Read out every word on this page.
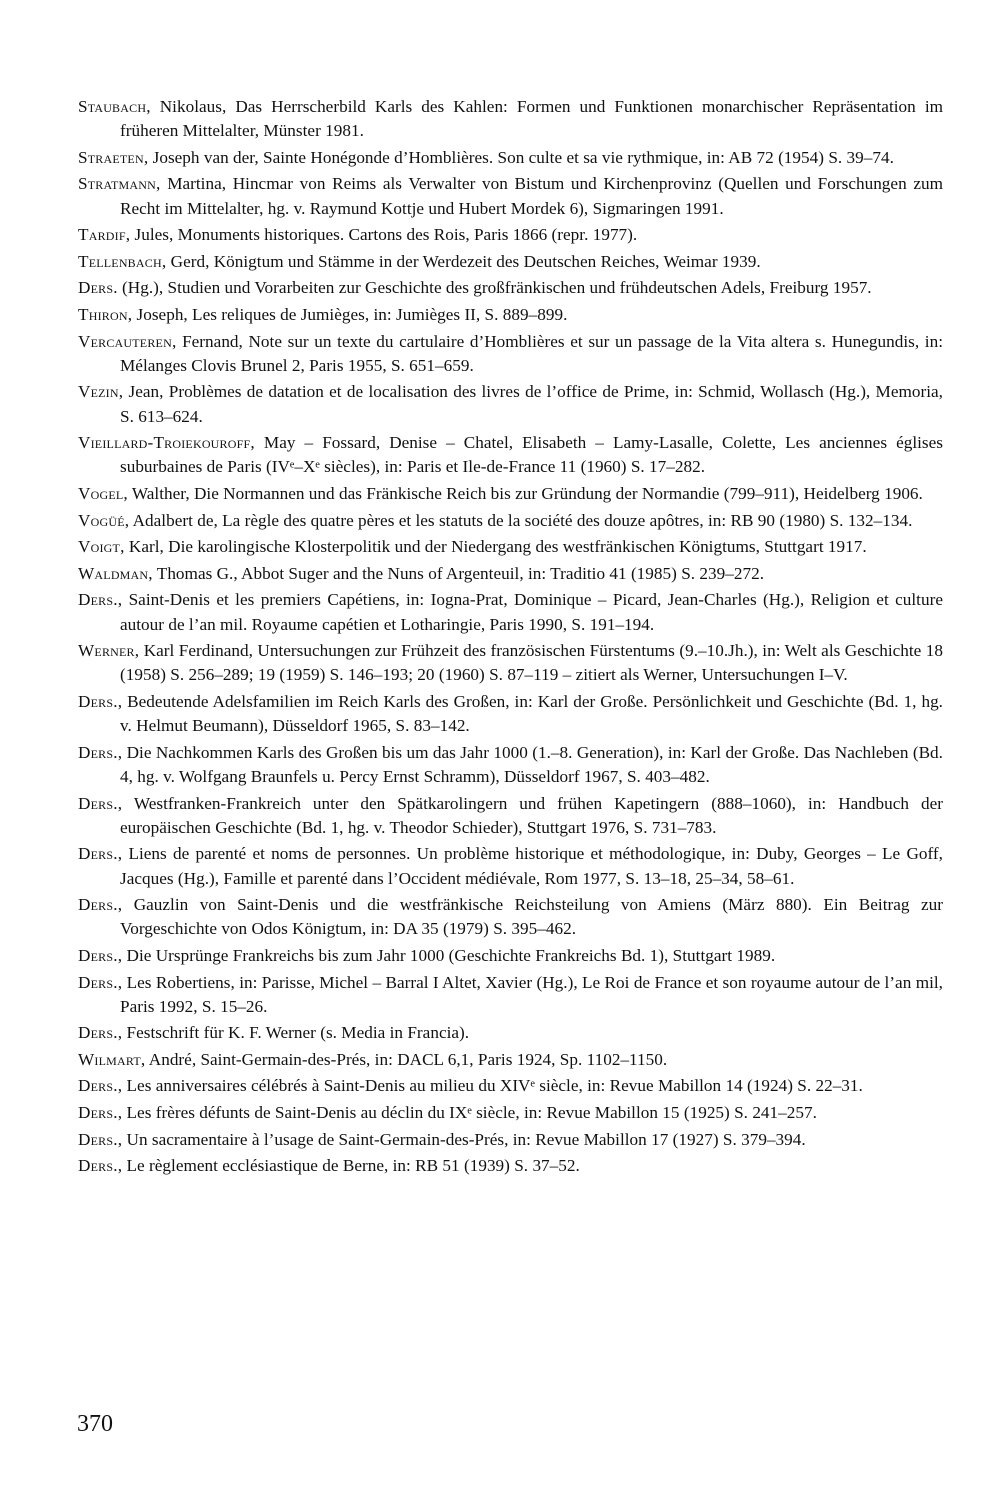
Staubach, Nikolaus, Das Herrscherbild Karls des Kahlen: Formen und Funktionen monarchischer Repräsentation im früheren Mittelalter, Münster 1981.
Straeten, Joseph van der, Sainte Honégonde d’Homblières. Son culte et sa vie rythmique, in: AB 72 (1954) S. 39–74.
Stratmann, Martina, Hincmar von Reims als Verwalter von Bistum und Kirchenprovinz (Quellen und Forschungen zum Recht im Mittelalter, hg. v. Raymund Kottje und Hubert Mordek 6), Sigmaringen 1991.
Tardif, Jules, Monuments historiques. Cartons des Rois, Paris 1866 (repr. 1977).
Tellenbach, Gerd, Königtum und Stämme in der Werdezeit des Deutschen Reiches, Weimar 1939.
Ders. (Hg.), Studien und Vorarbeiten zur Geschichte des großfränkischen und frühdeutschen Adels, Freiburg 1957.
Thiron, Joseph, Les reliques de Jumièges, in: Jumièges II, S. 889–899.
Vercauteren, Fernand, Note sur un texte du cartulaire d’Homblières et sur un passage de la Vita altera s. Hunegundis, in: Mélanges Clovis Brunel 2, Paris 1955, S. 651–659.
Vezin, Jean, Problèmes de datation et de localisation des livres de l’office de Prime, in: Schmid, Wollasch (Hg.), Memoria, S. 613–624.
Vieillard-Troiekouroff, May – Fossard, Denise – Chatel, Elisabeth – Lamy-Lasalle, Colette, Les anciennes églises suburbaines de Paris (IVᵉ–Xᵉ siècles), in: Paris et Ile-de-France 11 (1960) S. 17–282.
Vogel, Walther, Die Normannen und das Fränkische Reich bis zur Gründung der Normandie (799–911), Heidelberg 1906.
Vogüé, Adalbert de, La règle des quatre pères et les statuts de la société des douze apôtres, in: RB 90 (1980) S. 132–134.
Voigt, Karl, Die karolingische Klosterpolitik und der Niedergang des westfränkischen Königtums, Stuttgart 1917.
Waldman, Thomas G., Abbot Suger and the Nuns of Argenteuil, in: Traditio 41 (1985) S. 239–272.
Ders., Saint-Denis et les premiers Capétiens, in: Iogna-Prat, Dominique – Picard, Jean-Charles (Hg.), Religion et culture autour de l’an mil. Royaume capétien et Lotharingie, Paris 1990, S. 191–194.
Werner, Karl Ferdinand, Untersuchungen zur Frühzeit des französischen Fürstentums (9.–10.Jh.), in: Welt als Geschichte 18 (1958) S. 256–289; 19 (1959) S. 146–193; 20 (1960) S. 87–119 – zitiert als Werner, Untersuchungen I–V.
Ders., Bedeutende Adelsfamilien im Reich Karls des Großen, in: Karl der Große. Persönlichkeit und Geschichte (Bd. 1, hg. v. Helmut Beumann), Düsseldorf 1965, S. 83–142.
Ders., Die Nachkommen Karls des Großen bis um das Jahr 1000 (1.–8. Generation), in: Karl der Große. Das Nachleben (Bd. 4, hg. v. Wolfgang Braunfels u. Percy Ernst Schramm), Düsseldorf 1967, S. 403–482.
Ders., Westfranken-Frankreich unter den Spätkarolingern und frühen Kapetingern (888–1060), in: Handbuch der europäischen Geschichte (Bd. 1, hg. v. Theodor Schieder), Stuttgart 1976, S. 731–783.
Ders., Liens de parenté et noms de personnes. Un problème historique et méthodologique, in: Duby, Georges – Le Goff, Jacques (Hg.), Famille et parenté dans l’Occident médiévale, Rom 1977, S. 13–18, 25–34, 58–61.
Ders., Gauzlin von Saint-Denis und die westfränkische Reichsteilung von Amiens (März 880). Ein Beitrag zur Vorgeschichte von Odos Königtum, in: DA 35 (1979) S. 395–462.
Ders., Die Ursprünge Frankreichs bis zum Jahr 1000 (Geschichte Frankreichs Bd. 1), Stuttgart 1989.
Ders., Les Robertiens, in: Parisse, Michel – Barral I Altet, Xavier (Hg.), Le Roi de France et son royaume autour de l’an mil, Paris 1992, S. 15–26.
Ders., Festschrift für K. F. Werner (s. Media in Francia).
Wilmart, André, Saint-Germain-des-Prés, in: DACL 6,1, Paris 1924, Sp. 1102–1150.
Ders., Les anniversaires célébrés à Saint-Denis au milieu du XIVᵉ siècle, in: Revue Mabillon 14 (1924) S. 22–31.
Ders., Les frères défunts de Saint-Denis au déclin du IXᵉ siècle, in: Revue Mabillon 15 (1925) S. 241–257.
Ders., Un sacramentaire à l’usage de Saint-Germain-des-Prés, in: Revue Mabillon 17 (1927) S. 379–394.
Ders., Le règlement ecclésiastique de Berne, in: RB 51 (1939) S. 37–52.
370
